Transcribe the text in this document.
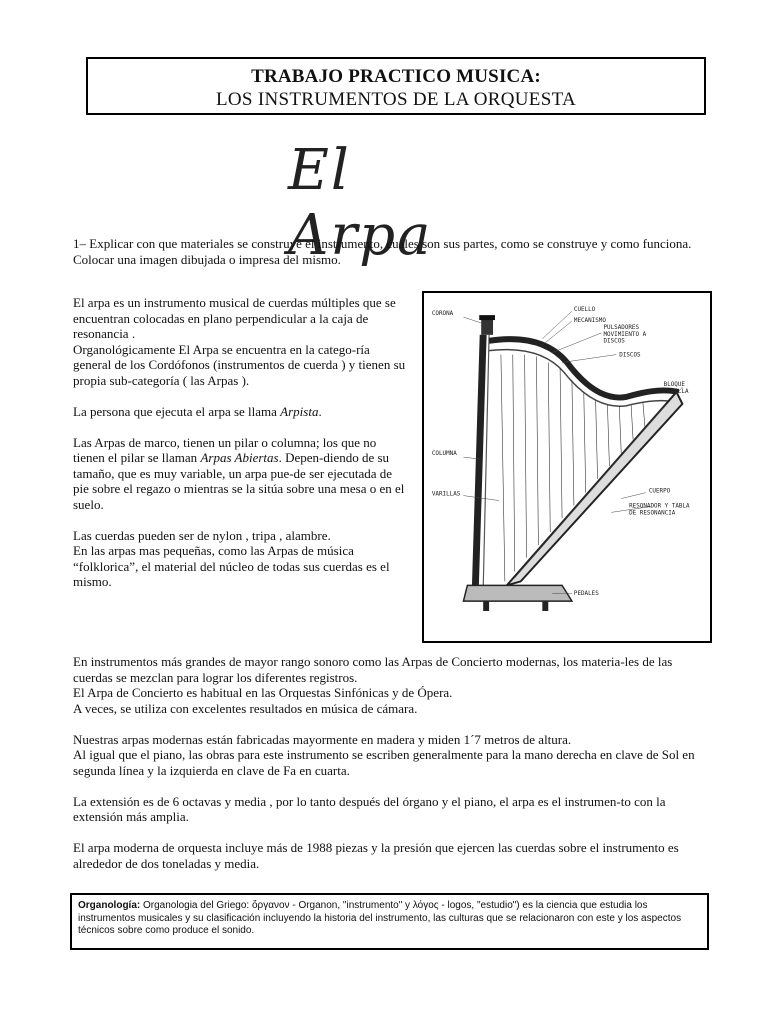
TRABAJO PRACTICO MUSICA:
LOS INSTRUMENTOS DE LA ORQUESTA
El Arpa

1– Explicar con que materiales se construye el instrumento, cuales son sus partes, como se construye y como funciona. Colocar una imagen dibujada o impresa del mismo.

El arpa es un instrumento musical de cuerdas múltiples que se encuentran colocadas en plano perpendicular a la caja de resonancia .
Organológicamente El Arpa se encuentra en la catego-ría general de los Cordófonos (instrumentos de cuerda ) y tienen su propia sub-categoría ( las Arpas ).

La persona que ejecuta el arpa se llama Arpista.

Las Arpas de marco, tienen un pilar o columna; los que no tienen el pilar se llaman Arpas Abiertas. Depen-diendo de su tamaño, que es muy variable, un arpa pue-de ser ejecutada de pie sobre el regazo o mientras se la sitúa sobre una mesa o en el suelo.

Las cuerdas pueden ser de nylon , tripa , alambre.
En las arpas mas pequeñas, como las Arpas de música “folklorica”, el material del núcleo de todas sus cuerdas es el mismo.

CORONA
CUELLO
MECANISMO
PULSADORES
MOVIMIENTO A
DISCOS
DISCOS
BLOQUE
RODILLA
COLUMNA
VARILLAS	CUERPO
RESONADOR Y TABLA
DE RESONANCIA
PEDALES

En instrumentos más grandes de mayor rango sonoro como las Arpas de Concierto modernas, los materia-les de las cuerdas se mezclan para lograr los diferentes registros.
El Arpa de Concierto es habitual en las Orquestas Sinfónicas y de Ópera.
A veces, se utiliza con excelentes resultados en música de cámara.

Nuestras arpas modernas están fabricadas mayormente en madera y miden 1´7 metros de altura.
Al igual que el piano, las obras para este instrumento se escriben generalmente para la mano derecha en clave de Sol en segunda línea y la izquierda en clave de Fa en cuarta.

La extensión es de 6 octavas y media , por lo tanto después del órgano y el piano, el arpa es el instrumen-to con la extensión más amplia.

El arpa moderna de orquesta incluye más de 1988 piezas y la presión que ejercen las cuerdas sobre el instrumento es alrededor de dos toneladas y media.

Organología: Organologia del Griego: ὄργανον - Organon, "instrumento" y λόγος - logos, "estudio") es la ciencia que estudia los instrumentos musicales y su clasificación incluyendo la historia del instrumento, las culturas que se relacionaron con este y los aspectos técnicos sobre como produce el sonido.
